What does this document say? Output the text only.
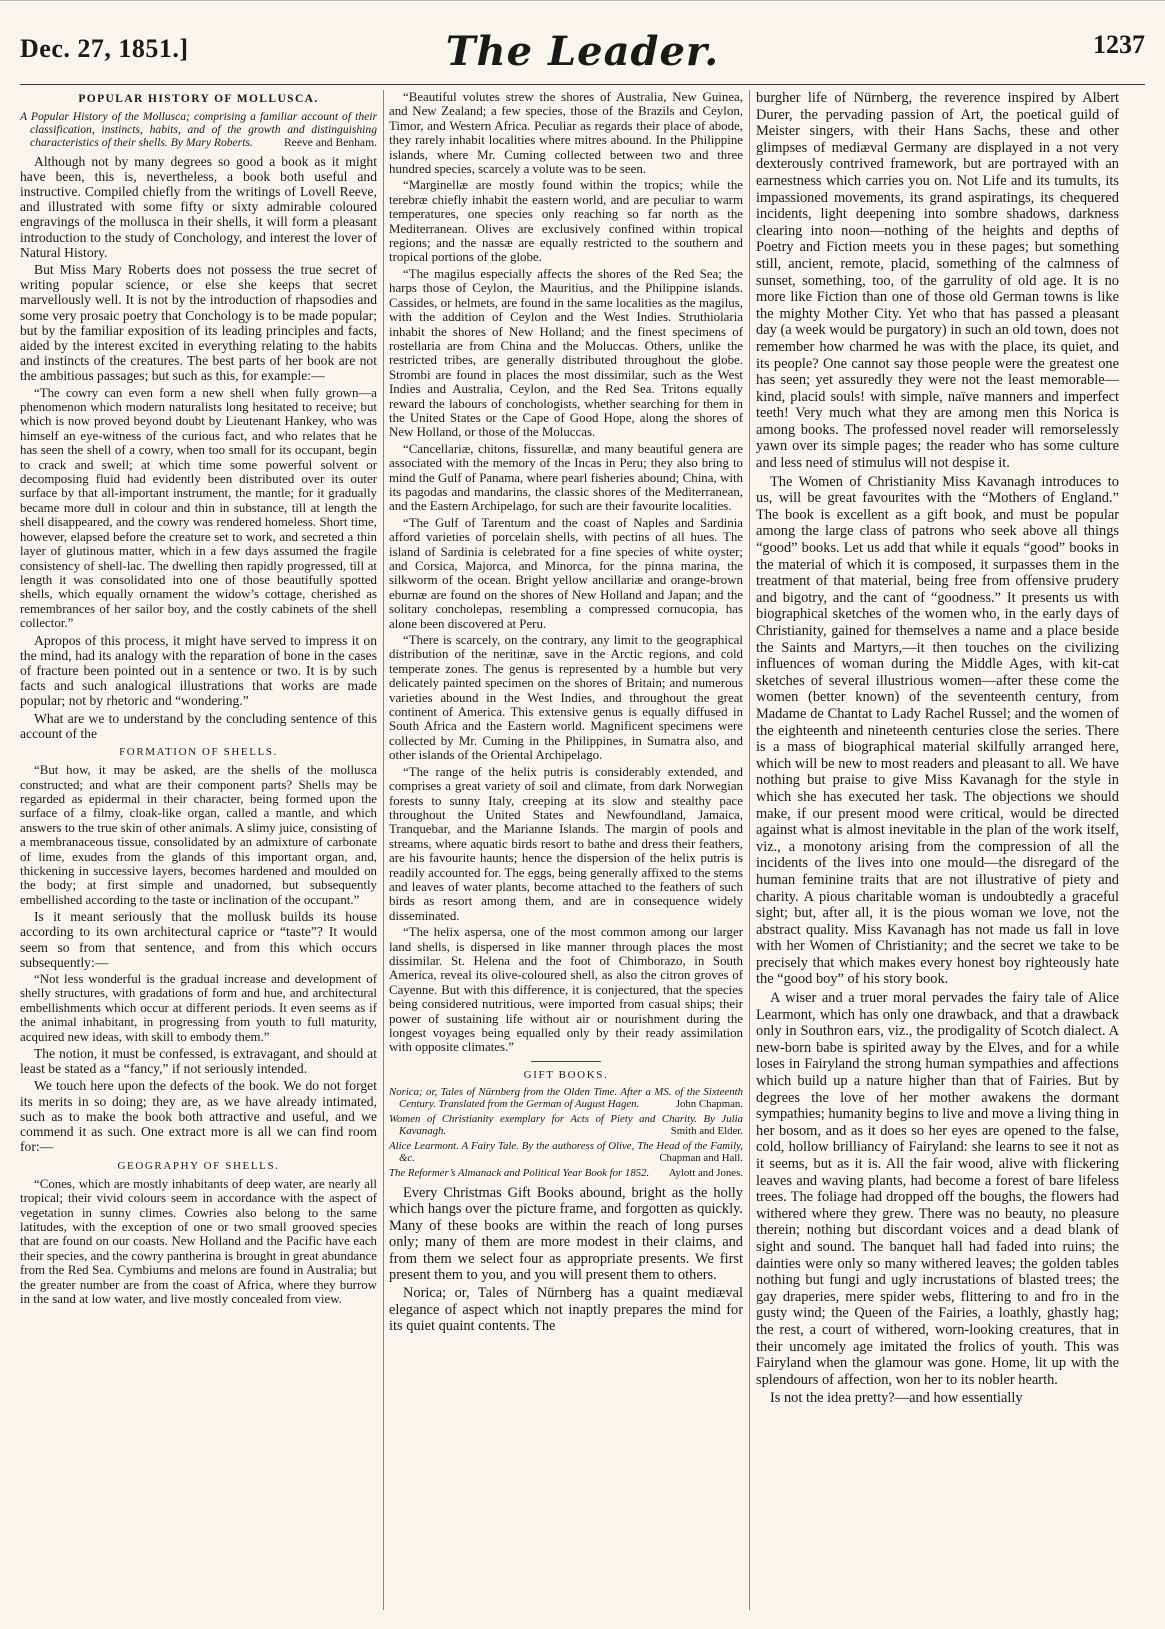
Dec. 27, 1851.]	The Leader.	1237
POPULAR HISTORY OF MOLLUSCA.
A Popular History of the Mollusca; comprising a familiar account of their classification, instincts, habits, and of the growth and distinguishing characteristics of their shells. By Mary Roberts.	Reeve and Benham.

Although not by many degrees so good a book as it might have been, this is, nevertheless, a book both useful and instructive. Compiled chiefly from the writings of Lovell Reeve, and illustrated with some fifty or sixty admirable coloured engravings of the mollusca in their shells, it will form a pleasant introduction to the study of Conchology, and interest the lover of Natural History.

But Miss Mary Roberts does not possess the true secret of writing popular science, or else she keeps that secret marvellously well. It is not by the introduction of rhapsodies and some very prosaic poetry that Conchology is to be made popular; but by the familiar exposition of its leading principles and facts, aided by the interest excited in everything relating to the habits and instincts of the creatures. The best parts of her book are not the ambitious passages; but such as this, for example:—

“The cowry can even form a new shell when fully grown—a phenomenon which modern naturalists long hesitated to receive; but which is now proved beyond doubt by Lieutenant Hankey, who was himself an eye-witness of the curious fact, and who relates that he has seen the shell of a cowry, when too small for its occupant, begin to crack and swell; at which time some powerful solvent or decomposing fluid had evidently been distributed over its outer surface by that all-important instrument, the mantle; for it gradually became more dull in colour and thin in substance, till at length the shell disappeared, and the cowry was rendered homeless. Short time, however, elapsed before the creature set to work, and secreted a thin layer of glutinous matter, which in a few days assumed the fragile consistency of shell-lac. The dwelling then rapidly progressed, till at length it was consolidated into one of those beautifully spotted shells, which equally ornament the widow’s cottage, cherished as remembrances of her sailor boy, and the costly cabinets of the shell collector.”

Apropos of this process, it might have served to impress it on the mind, had its analogy with the reparation of bone in the cases of fracture been pointed out in a sentence or two. It is by such facts and such analogical illustrations that works are made popular; not by rhetoric and “wondering.”

What are we to understand by the concluding sentence of this account of the

FORMATION OF SHELLS.

“But how, it may be asked, are the shells of the mollusca constructed; and what are their component parts? Shells may be regarded as epidermal in their character, being formed upon the surface of a filmy, cloak-like organ, called a mantle, and which answers to the true skin of other animals. A slimy juice, consisting of a membranaceous tissue, consolidated by an admixture of carbonate of lime, exudes from the glands of this important organ, and, thickening in successive layers, becomes hardened and moulded on the body; at first simple and unadorned, but subsequently embellished according to the taste or inclination of the occupant.”

Is it meant seriously that the mollusk builds its house according to its own architectural caprice or “taste”? It would seem so from that sentence, and from this which occurs subsequently:—

“Not less wonderful is the gradual increase and development of shelly structures, with gradations of form and hue, and architectural embellishments which occur at different periods. It even seems as if the animal inhabitant, in progressing from youth to full maturity, acquired new ideas, with skill to embody them.”

The notion, it must be confessed, is extravagant, and should at least be stated as a “fancy,” if not seriously intended.

We touch here upon the defects of the book. We do not forget its merits in so doing; they are, as we have already intimated, such as to make the book both attractive and useful, and we commend it as such. One extract more is all we can find room for:—

GEOGRAPHY OF SHELLS.

“Cones, which are mostly inhabitants of deep water, are nearly all tropical; their vivid colours seem in accordance with the aspect of vegetation in sunny climes. Cowries also belong to the same latitudes, with the exception of one or two small grooved species that are found on our coasts. New Holland and the Pacific have each their species, and the cowry pantherina is brought in great abundance from the Red Sea. Cymbiums and melons are found in Australia; but the greater number are from the coast of Africa, where they burrow in the sand at low water, and live mostly concealed from view.

“Beautiful volutes strew the shores of Australia, New Guinea, and New Zealand; a few species, those of the Brazils and Ceylon, Timor, and Western Africa. Peculiar as regards their place of abode, they rarely inhabit localities where mitres abound. In the Philippine islands, where Mr. Cuming collected between two and three hundred species, scarcely a volute was to be seen.

“Marginellæ are mostly found within the tropics; while the terebræ chiefly inhabit the eastern world, and are peculiar to warm temperatures, one species only reaching so far north as the Mediterranean. Olives are exclusively confined within tropical regions; and the nassæ are equally restricted to the southern and tropical portions of the globe.

“The magilus especially affects the shores of the Red Sea; the harps those of Ceylon, the Mauritius, and the Philippine islands. Cassides, or helmets, are found in the same localities as the magilus, with the addition of Ceylon and the West Indies. Struthiolaria inhabit the shores of New Holland; and the finest specimens of rostellaria are from China and the Moluccas. Others, unlike the restricted tribes, are generally distributed throughout the globe. Strombi are found in places the most dissimilar, such as the West Indies and Australia, Ceylon, and the Red Sea. Tritons equally reward the labours of conchologists, whether searching for them in the United States or the Cape of Good Hope, along the shores of New Holland, or those of the Moluccas.

“Cancellariæ, chitons, fissurellæ, and many beautiful genera are associated with the memory of the Incas in Peru; they also bring to mind the Gulf of Panama, where pearl fisheries abound; China, with its pagodas and mandarins, the classic shores of the Mediterranean, and the Eastern Archipelago, for such are their favourite localities.

“The Gulf of Tarentum and the coast of Naples and Sardinia afford varieties of porcelain shells, with pectins of all hues. The island of Sardinia is celebrated for a fine species of white oyster; and Corsica, Majorca, and Minorca, for the pinna marina, the silkworm of the ocean. Bright yellow ancillariæ and orange-brown eburnæ are found on the shores of New Holland and Japan; and the solitary concholepas, resembling a compressed cornucopia, has alone been discovered at Peru.

“There is scarcely, on the contrary, any limit to the geographical distribution of the neritinæ, save in the Arctic regions, and cold temperate zones. The genus is represented by a humble but very delicately painted specimen on the shores of Britain; and numerous varieties abound in the West Indies, and throughout the great continent of America. This extensive genus is equally diffused in South Africa and the Eastern world. Magnificent specimens were collected by Mr. Cuming in the Philippines, in Sumatra also, and other islands of the Oriental Archipelago.

“The range of the helix putris is considerably extended, and comprises a great variety of soil and climate, from dark Norwegian forests to sunny Italy, creeping at its slow and stealthy pace throughout the United States and Newfoundland, Jamaica, Tranquebar, and the Marianne Islands. The margin of pools and streams, where aquatic birds resort to bathe and dress their feathers, are his favourite haunts; hence the dispersion of the helix putris is readily accounted for. The eggs, being generally affixed to the stems and leaves of water plants, become attached to the feathers of such birds as resort among them, and are in consequence widely disseminated.

“The helix aspersa, one of the most common among our larger land shells, is dispersed in like manner through places the most dissimilar. St. Helena and the foot of Chimborazo, in South America, reveal its olive-coloured shell, as also the citron groves of Cayenne. But with this difference, it is conjectured, that the species being considered nutritious, were imported from casual ships; their power of sustaining life without air or nourishment during the longest voyages being equalled only by their ready assimilation with opposite climates.”

GIFT BOOKS.
Norica; or, Tales of Nürnberg from the Olden Time. After a MS. of the Sixteenth Century. Translated from the German of August Hagen.	John Chapman.
Women of Christianity exemplary for Acts of Piety and Charity. By Julia Kavanagh.	Smith and Elder.
Alice Learmont. A Fairy Tale. By the authoress of Olive, The Head of the Family, &c.	Chapman and Hall.
The Reformer’s Almanack and Political Year Book for 1852. Aylott and Jones.

Every Christmas Gift Books abound, bright as the holly which hangs over the picture frame, and forgotten as quickly. Many of these books are within the reach of long purses only; many of them are more modest in their claims, and from them we select four as appropriate presents. We first present them to you, and you will present them to others.

Norica; or, Tales of Nürnberg has a quaint mediæval elegance of aspect which not inaptly prepares the mind for its quiet quaint contents. The

burgher life of Nürnberg, the reverence inspired by Albert Durer, the pervading passion of Art, the poetical guild of Meister singers, with their Hans Sachs, these and other glimpses of mediæval Germany are displayed in a not very dexterously contrived framework, but are portrayed with an earnestness which carries you on. Not Life and its tumults, its impassioned movements, its grand aspiratings, its chequered incidents, light deepening into sombre shadows, darkness clearing into noon—nothing of the heights and depths of Poetry and Fiction meets you in these pages; but something still, ancient, remote, placid, something of the calmness of sunset, something, too, of the garrulity of old age. It is no more like Fiction than one of those old German towns is like the mighty Mother City. Yet who that has passed a pleasant day (a week would be purgatory) in such an old town, does not remember how charmed he was with the place, its quiet, and its people? One cannot say those people were the greatest one has seen; yet assuredly they were not the least memorable—kind, placid souls! with simple, naïve manners and imperfect teeth! Very much what they are among men this Norica is among books. The professed novel reader will remorselessly yawn over its simple pages; the reader who has some culture and less need of stimulus will not despise it.

The Women of Christianity Miss Kavanagh introduces to us, will be great favourites with the “Mothers of England.” The book is excellent as a gift book, and must be popular among the large class of patrons who seek above all things “good” books. Let us add that while it equals “good” books in the material of which it is composed, it surpasses them in the treatment of that material, being free from offensive prudery and bigotry, and the cant of “goodness.” It presents us with biographical sketches of the women who, in the early days of Christianity, gained for themselves a name and a place beside the Saints and Martyrs,—it then touches on the civilizing influences of woman during the Middle Ages, with kit-cat sketches of several illustrious women—after these come the women (better known) of the seventeenth century, from Madame de Chantat to Lady Rachel Russel; and the women of the eighteenth and nineteenth centuries close the series. There is a mass of biographical material skilfully arranged here, which will be new to most readers and pleasant to all. We have nothing but praise to give Miss Kavanagh for the style in which she has executed her task. The objections we should make, if our present mood were critical, would be directed against what is almost inevitable in the plan of the work itself, viz., a monotony arising from the compression of all the incidents of the lives into one mould—the disregard of the human feminine traits that are not illustrative of piety and charity. A pious charitable woman is undoubtedly a graceful sight; but, after all, it is the pious woman we love, not the abstract quality. Miss Kavanagh has not made us fall in love with her Women of Christianity; and the secret we take to be precisely that which makes every honest boy righteously hate the “good boy” of his story book.

A wiser and a truer moral pervades the fairy tale of Alice Learmont, which has only one drawback, and that a drawback only in Southron ears, viz., the prodigality of Scotch dialect. A new-born babe is spirited away by the Elves, and for a while loses in Fairyland the strong human sympathies and affections which build up a nature higher than that of Fairies. But by degrees the love of her mother awakens the dormant sympathies; humanity begins to live and move a living thing in her bosom, and as it does so her eyes are opened to the false, cold, hollow brilliancy of Fairyland: she learns to see it not as it seems, but as it is. All the fair wood, alive with flickering leaves and waving plants, had become a forest of bare lifeless trees. The foliage had dropped off the boughs, the flowers had withered where they grew. There was no beauty, no pleasure therein; nothing but discordant voices and a dead blank of sight and sound. The banquet hall had faded into ruins; the dainties were only so many withered leaves; the golden tables nothing but fungi and ugly incrustations of blasted trees; the gay draperies, mere spider webs, flittering to and fro in the gusty wind; the Queen of the Fairies, a loathly, ghastly hag; the rest, a court of withered, worn-looking creatures, that in their uncomely age imitated the frolics of youth. This was Fairyland when the glamour was gone. Home, lit up with the splendours of affection, won her to its nobler hearth.

Is not the idea pretty?—and how essentially
